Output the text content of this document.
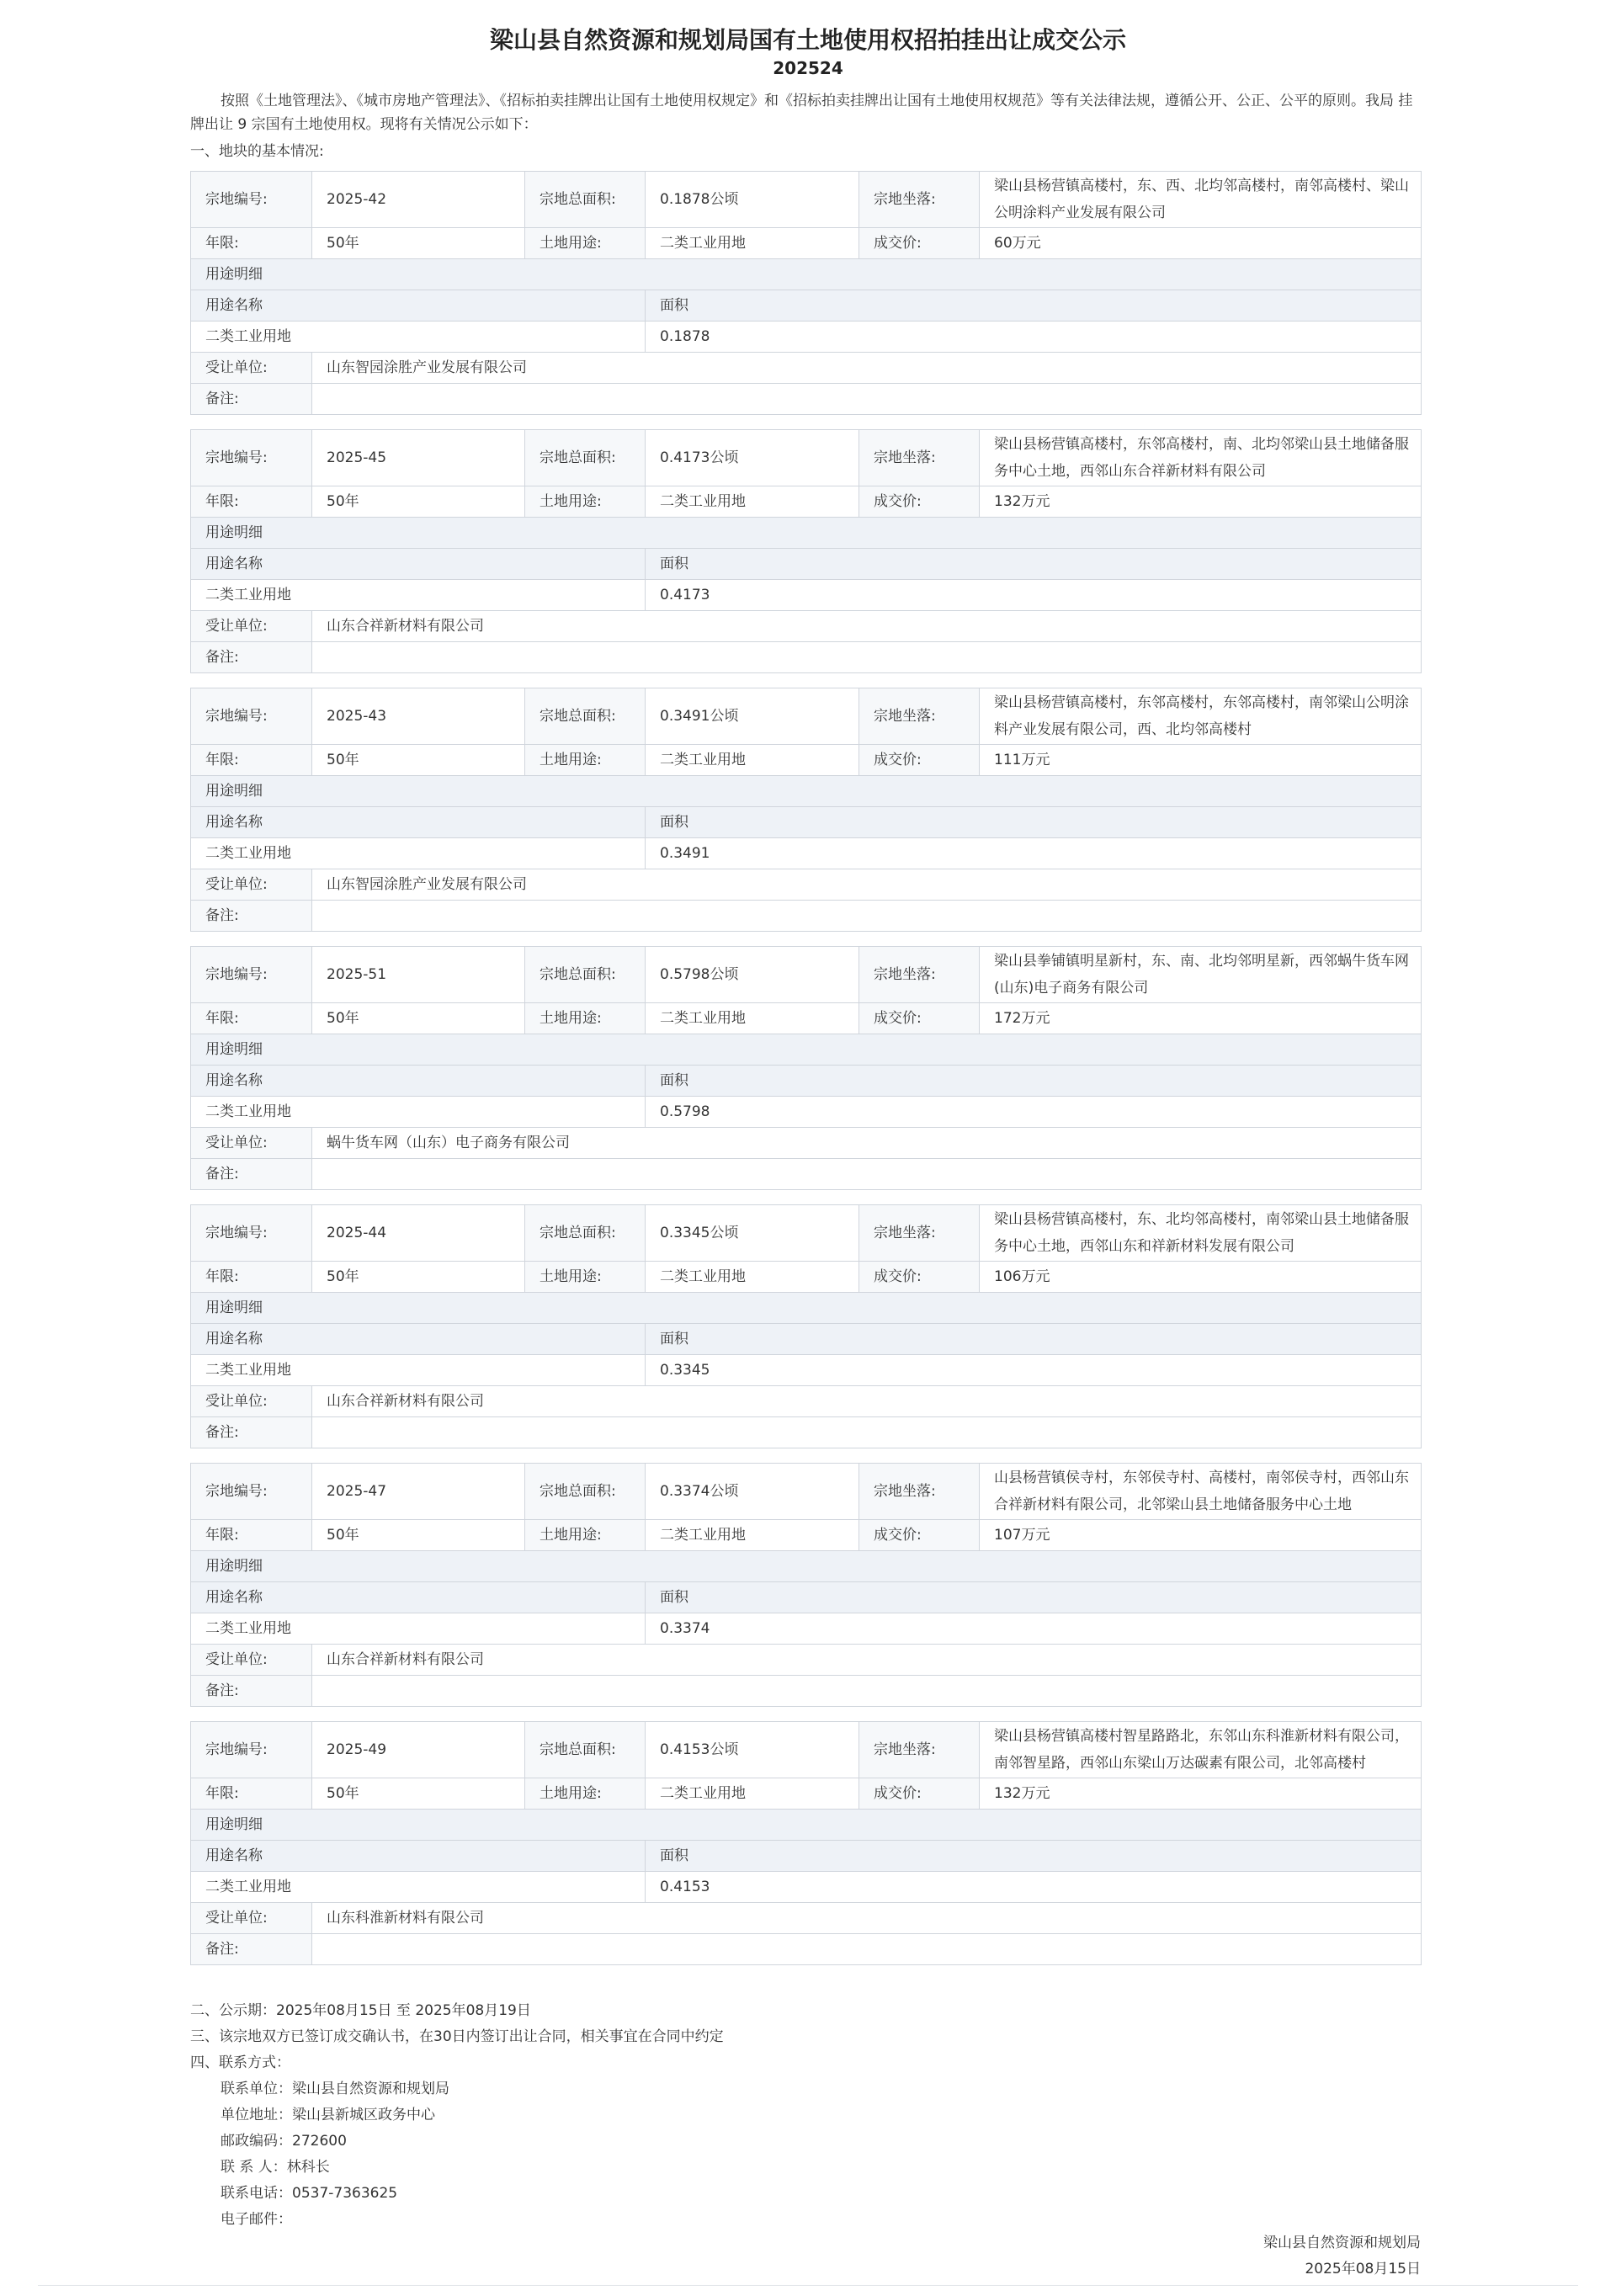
梁山县自然资源和规划局国有土地使用权招拍挂出让成交公示
202524

按照《土地管理法》、《城市房地产管理法》、《招标拍卖挂牌出让国有土地使用权规定》和《招标拍卖挂牌出让国有土地使用权规范》等有关法律法规，遵循公开、公正、公平的原则。我局 挂牌出让 9 宗国有土地使用权。现将有关情况公示如下：

一、地块的基本情况:
宗地编号:	2025-42	宗地总面积:	0.1878公顷	宗地坐落:	梁山县杨营镇高楼村，东、西、北均邻高楼村，南邻高楼村、梁山公明涂料产业发展有限公司
年限:	50年	土地用途:	二类工业用地	成交价:	60万元
用途明细					
用途名称			面积		
二类工业用地			0.1878		
受让单位:	山东智园涂胜产业发展有限公司				
备注:					
宗地编号:	2025-45	宗地总面积:	0.4173公顷	宗地坐落:	梁山县杨营镇高楼村，东邻高楼村，南、北均邻梁山县土地储备服务中心土地，西邻山东合祥新材料有限公司
年限:	50年	土地用途:	二类工业用地	成交价:	132万元
用途明细					
用途名称			面积		
二类工业用地			0.4173		
受让单位:	山东合祥新材料有限公司				
备注:					
宗地编号:	2025-43	宗地总面积:	0.3491公顷	宗地坐落:	梁山县杨营镇高楼村，东邻高楼村，东邻高楼村，南邻梁山公明涂料产业发展有限公司，西、北均邻高楼村
年限:	50年	土地用途:	二类工业用地	成交价:	111万元
用途明细					
用途名称			面积		
二类工业用地			0.3491		
受让单位:	山东智园涂胜产业发展有限公司				
备注:					
宗地编号:	2025-51	宗地总面积:	0.5798公顷	宗地坐落:	梁山县拳铺镇明星新村，东、南、北均邻明星新，西邻蜗牛货车网(山东)电子商务有限公司
年限:	50年	土地用途:	二类工业用地	成交价:	172万元
用途明细					
用途名称			面积		
二类工业用地			0.5798		
受让单位:	蜗牛货车网（山东）电子商务有限公司				
备注:					
宗地编号:	2025-44	宗地总面积:	0.3345公顷	宗地坐落:	梁山县杨营镇高楼村，东、北均邻高楼村，南邻梁山县土地储备服务中心土地，西邻山东和祥新材料发展有限公司
年限:	50年	土地用途:	二类工业用地	成交价:	106万元
用途明细					
用途名称			面积		
二类工业用地			0.3345		
受让单位:	山东合祥新材料有限公司				
备注:					
宗地编号:	2025-47	宗地总面积:	0.3374公顷	宗地坐落:	山县杨营镇侯寺村，东邻侯寺村、高楼村，南邻侯寺村，西邻山东合祥新材料有限公司，北邻梁山县土地储备服务中心土地
年限:	50年	土地用途:	二类工业用地	成交价:	107万元
用途明细					
用途名称			面积		
二类工业用地			0.3374		
受让单位:	山东合祥新材料有限公司				
备注:					
宗地编号:	2025-49	宗地总面积:	0.4153公顷	宗地坐落:	梁山县杨营镇高楼村智星路路北，东邻山东科淮新材料有限公司，南邻智星路，西邻山东梁山万达碳素有限公司，北邻高楼村
年限:	50年	土地用途:	二类工业用地	成交价:	132万元
用途明细					
用途名称			面积		
二类工业用地			0.4153		
受让单位:	山东科淮新材料有限公司				
备注:					
二、公示期：2025年08月15日 至 2025年08月19日
三、该宗地双方已签订成交确认书，在30日内签订出让合同，相关事宜在合同中约定
四、联系方式：
联系单位：梁山县自然资源和规划局
单位地址：梁山县新城区政务中心
邮政编码：272600
联 系 人：林科长
联系电话：0537-7363625
电子邮件：
梁山县自然资源和规划局
2025年08月15日
